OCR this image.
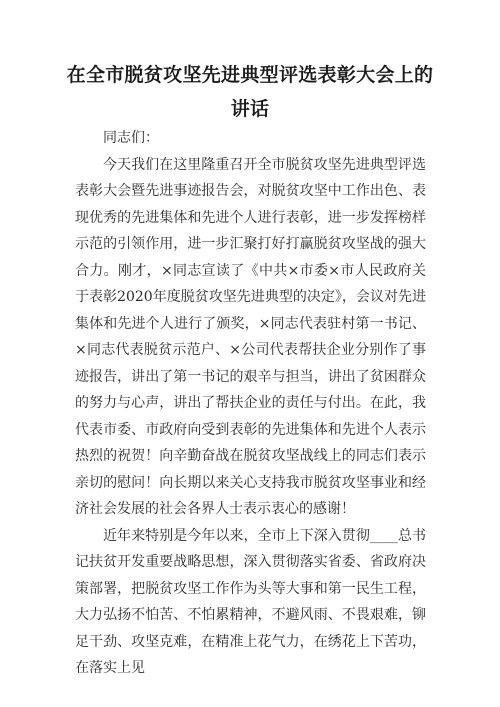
在全市脱贫攻坚先进典型评选表彰大会上的讲话

同志们：

今天我们在这里隆重召开全市脱贫攻坚先进典型评选表彰大会暨先进事迹报告会，对脱贫攻坚中工作出色、表现优秀的先进集体和先进个人进行表彰，进一步发挥榜样示范的引领作用，进一步汇聚打好打赢脱贫攻坚战的强大合力。刚才，×同志宣读了《中共×市委×市人民政府关于表彰2020年度脱贫攻坚先进典型的决定》，会议对先进集体和先进个人进行了颁奖，×同志代表驻村第一书记、×同志代表脱贫示范户、×公司代表帮扶企业分别作了事迹报告，讲出了第一书记的艰辛与担当，讲出了贫困群众的努力与心声，讲出了帮扶企业的责任与付出。在此，我代表市委、市政府向受到表彰的先进集体和先进个人表示热烈的祝贺！向辛勤奋战在脱贫攻坚战线上的同志们表示亲切的慰问！向长期以来关心支持我市脱贫攻坚事业和经济社会发展的社会各界人士表示衷心的感谢！

近年来特别是今年以来，全市上下深入贯彻____总书记扶贫开发重要战略思想，深入贯彻落实省委、省政府决策部署，把脱贫攻坚工作作为头等大事和第一民生工程，大力弘扬不怕苦、不怕累精神，不避风雨、不畏艰难，铆足干劲、攻坚克难，在精准上花气力，在绣花上下苦功，在落实上见
